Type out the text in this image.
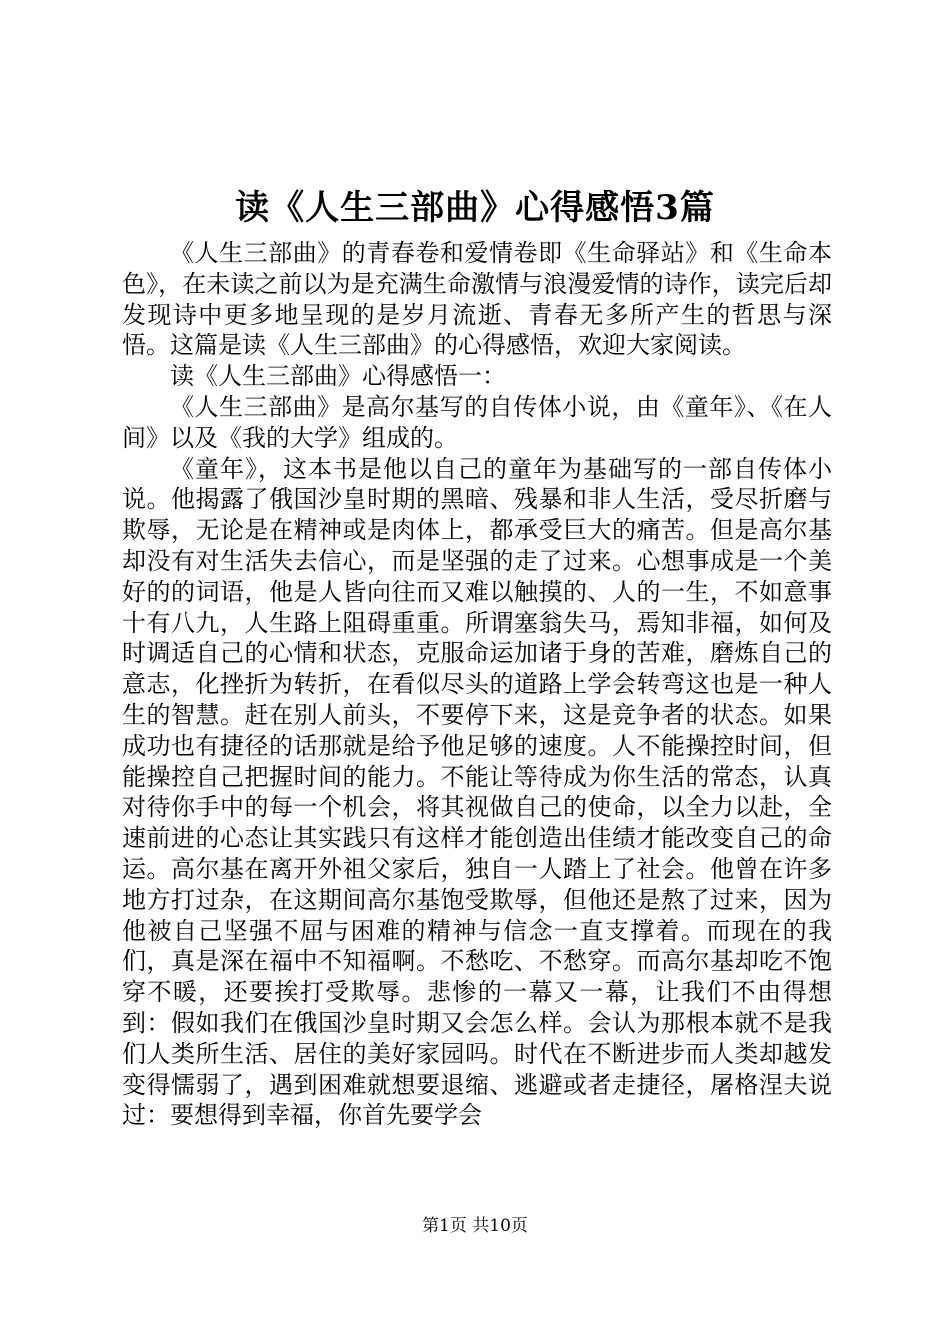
读《人生三部曲》心得感悟3篇

《人生三部曲》的青春卷和爱情卷即《生命驿站》和《生命本色》，在未读之前以为是充满生命激情与浪漫爱情的诗作，读完后却发现诗中更多地呈现的是岁月流逝、青春无多所产生的哲思与深悟。这篇是读《人生三部曲》的心得感悟，欢迎大家阅读。

读《人生三部曲》心得感悟一：

《人生三部曲》是高尔基写的自传体小说，由《童年》、《在人间》以及《我的大学》组成的。

《童年》，这本书是他以自己的童年为基础写的一部自传体小说。他揭露了俄国沙皇时期的黑暗、残暴和非人生活，受尽折磨与欺辱，无论是在精神或是肉体上，都承受巨大的痛苦。但是高尔基却没有对生活失去信心，而是坚强的走了过来。心想事成是一个美好的的词语，他是人皆向往而又难以触摸的、人的一生，不如意事十有八九，人生路上阻碍重重。所谓塞翁失马，焉知非福，如何及时调适自己的心情和状态，克服命运加诸于身的苦难，磨炼自己的意志，化挫折为转折，在看似尽头的道路上学会转弯这也是一种人生的智慧。赶在别人前头，不要停下来，这是竞争者的状态。如果成功也有捷径的话那就是给予他足够的速度。人不能操控时间，但能操控自己把握时间的能力。不能让等待成为你生活的常态，认真对待你手中的每一个机会，将其视做自己的使命，以全力以赴，全速前进的心态让其实践只有这样才能创造出佳绩才能改变自己的命运。高尔基在离开外祖父家后，独自一人踏上了社会。他曾在许多地方打过杂，在这期间高尔基饱受欺辱，但他还是熬了过来，因为他被自己坚强不屈与困难的精神与信念一直支撑着。而现在的我们，真是深在福中不知福啊。不愁吃、不愁穿。而高尔基却吃不饱穿不暖，还要挨打受欺辱。悲惨的一幕又一幕，让我们不由得想到：假如我们在俄国沙皇时期又会怎么样。会认为那根本就不是我们人类所生活、居住的美好家园吗。时代在不断进步而人类却越发变得懦弱了，遇到困难就想要退缩、逃避或者走捷径，屠格涅夫说过：要想得到幸福，你首先要学会

第1页 共10页
